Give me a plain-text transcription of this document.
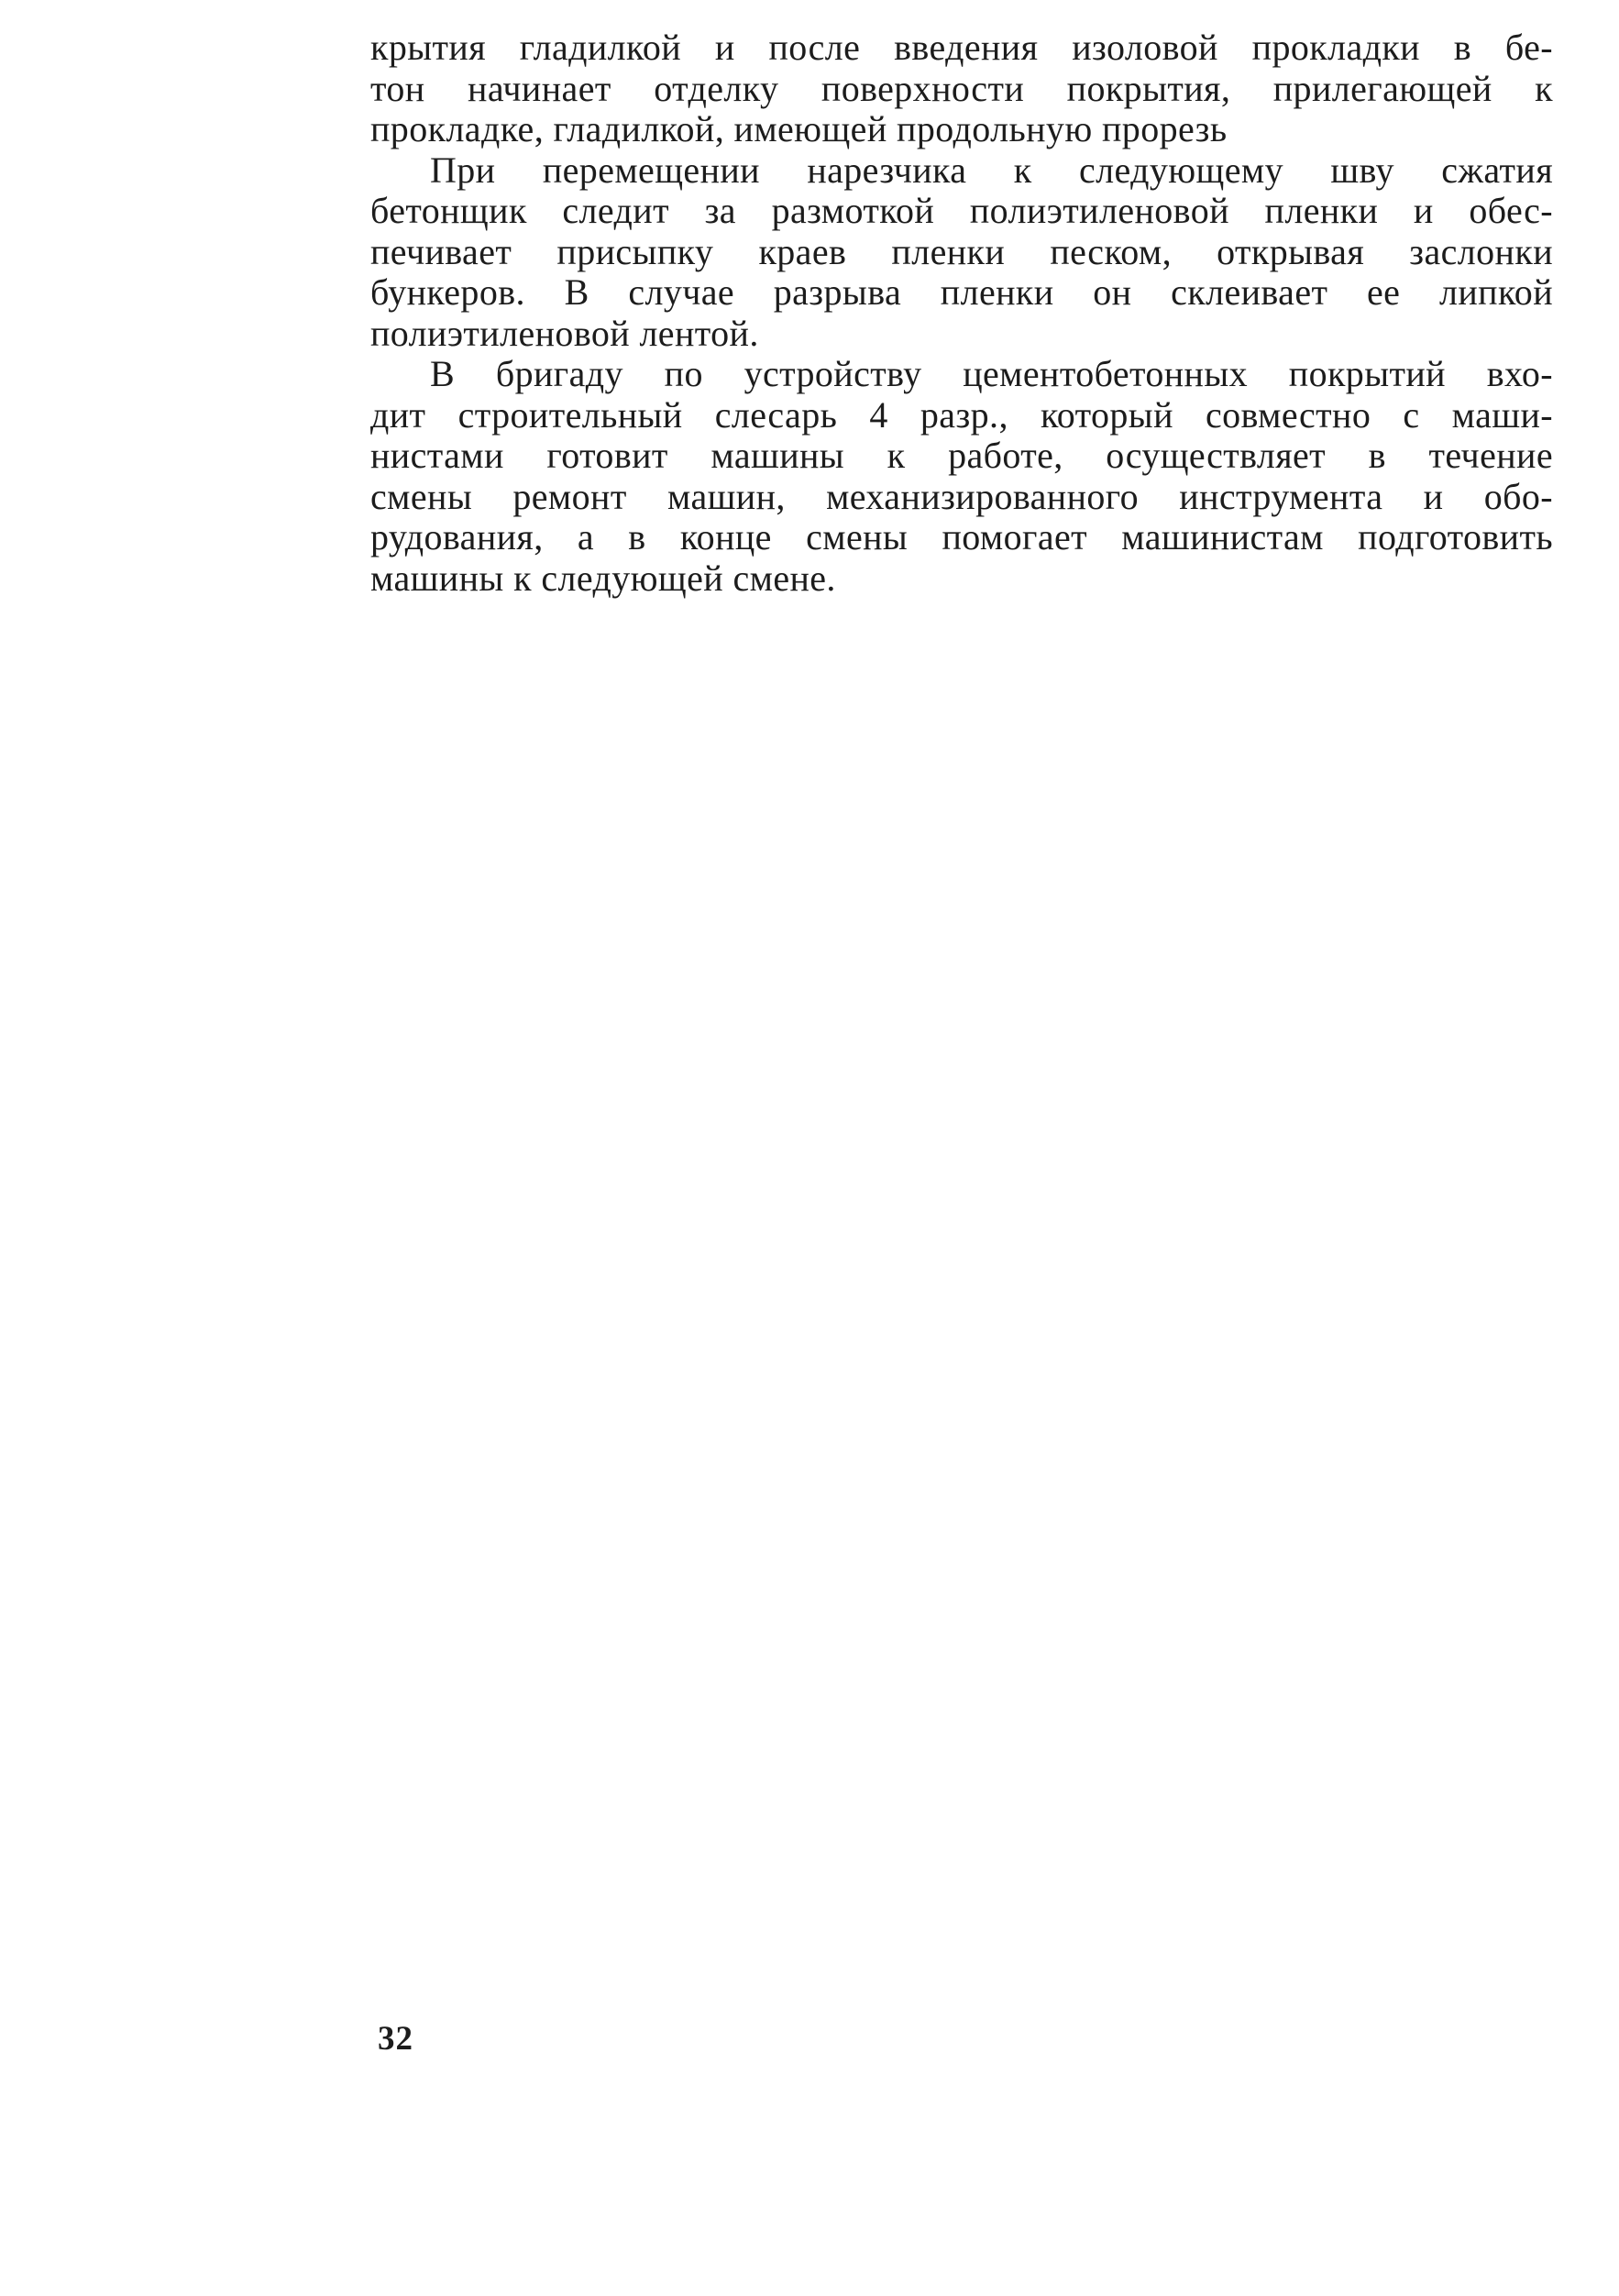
крытия гладилкой и после введения изоловой прокладки в бе-
тон начинает отделку поверхности покрытия, прилегающей к
прокладке, гладилкой, имеющей продольную прорезь
При перемещении нарезчика к следующему шву сжатия
бетонщик следит за размоткой полиэтиленовой пленки и обес-
печивает присыпку краев пленки песком, открывая заслонки
бункеров. В случае разрыва пленки он склеивает ее липкой
полиэтиленовой лентой.
В бригаду по устройству цементобетонных покрытий вхо-
дит строительный слесарь 4 разр., который совместно с маши-
нистами готовит машины к работе, осуществляет в течение
смены ремонт машин, механизированного инструмента и обо-
рудования, а в конце смены помогает машинистам подготовить
машины к следующей смене.
32
